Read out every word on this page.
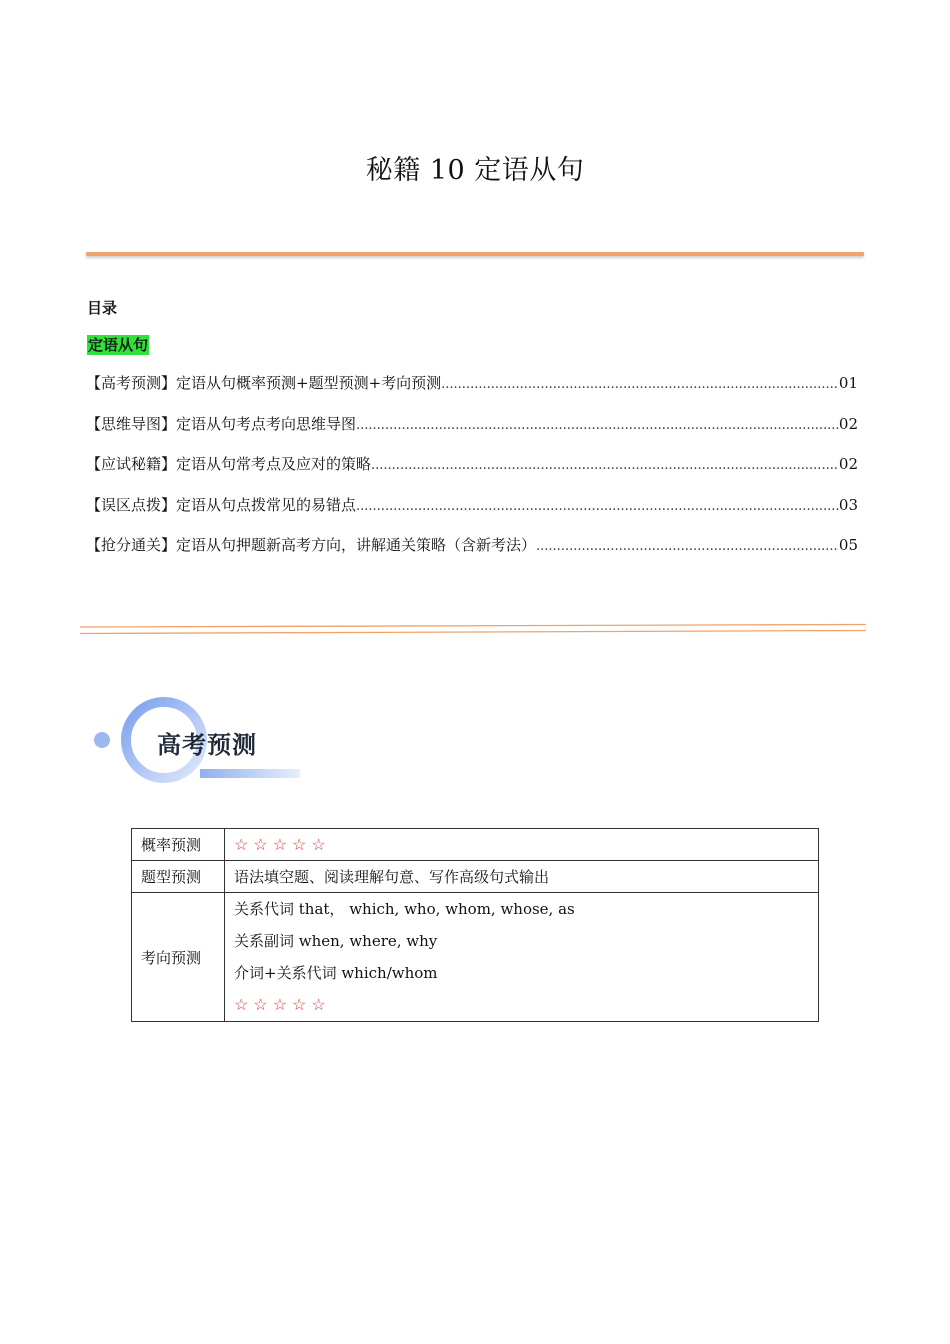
秘籍 10 定语从句
目录
定语从句
【高考预测】定语从句概率预测+题型预测+考向预测 .....	01
【思维导图】定语从句考点考向思维导图 .....	02
【应试秘籍】定语从句常考点及应对的策略 .....	02
【误区点拨】定语从句点拨常见的易错点 .....	03
【抢分通关】定语从句押题新高考方向，讲解通关策略（含新考法） .....	05
高考预测
概率预测	☆☆☆☆☆
题型预测	语法填空题、阅读理解句意、写作高级句式输出
考向预测	关系代词 that， which, who, whom, whose, as
关系副词 when, where, why
介词+关系代词 which/whom
☆☆☆☆☆
